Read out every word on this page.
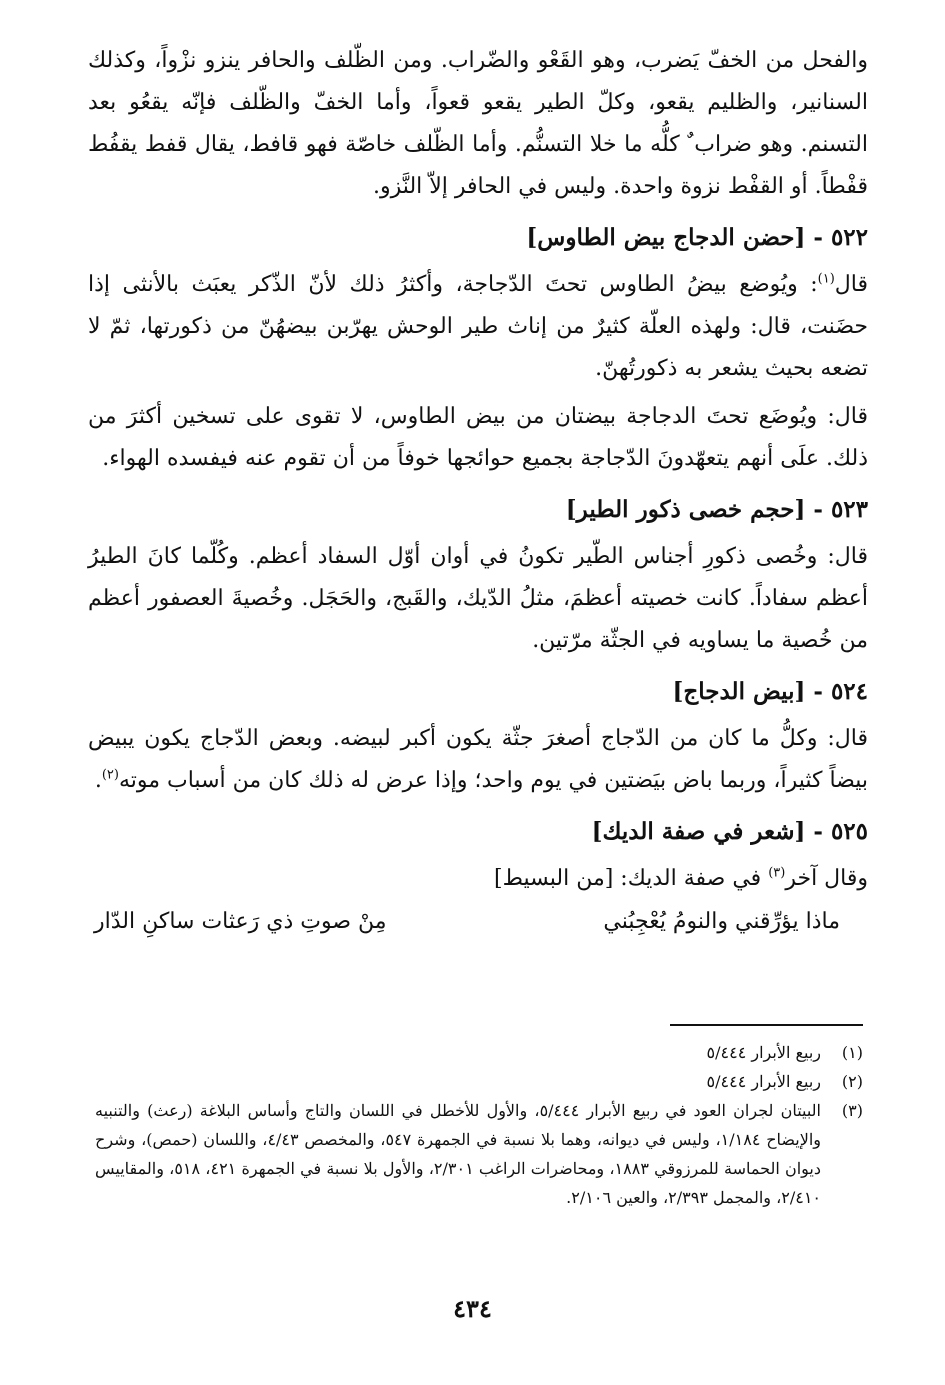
والفحل من الخفّ يَضرب، وهو القَعْو والضّراب. ومن الظّلف والحافر ينزو نزْواً، وكذلك السنانير، والظليم يقعو، وكلّ الطير يقعو قعواً، وأما الخفّ والظّلف فإنّه يقعُو بعد التسنم. وهو ضراب ٌ كلُّه ما خلا التسنُّم. وأما الظّلف خاصّة فهو قافط، يقال قفط يقفُط قفْطاً. أو القفْط نزوة واحدة. وليس في الحافر إلاّ النَّزو.

٥٢٢ - [حضن الدجاج بيض الطاوس]

قال$^{(١)}$: ويُوضع بيضُ الطاوس تحتَ الدّجاجة، وأكثرُ ذلك لأنّ الذّكر يعبَث بالأنثى إذا حضَنت، قال: ولهذه العلّة كثيرٌ من إناث طير الوحش يهرّبن بيضهُنّ من ذكورتها، ثمّ لا تضعه بحيث يشعر به ذكورتُهنّ.

قال: ويُوضَع تحتَ الدجاجة بيضتان من بيض الطاوس، لا تقوى على تسخين أكثرَ من ذلك. علَى أنهم يتعهّدونَ الدّجاجة بجميع حوائجها خوفاً من أن تقوم عنه فيفسده الهواء.

٥٢٣ - [حجم خصى ذكور الطير]

قال: وخُصى ذكورِ أجناس الطّير تكونُ في أوان أوّل السفاد أعظم. وكُلّما كانَ الطيرُ أعظم سفاداً. كانت خصيته أعظمَ، مثلُ الدّيك، والقَبج، والحَجَل. وخُصيةَ العصفور أعظم من خُصية ما يساويه في الجثّة مرّتين.

٥٢٤ - [بيض الدجاج]

قال: وكلُّ ما كان من الدّجاج أصغرَ جثّة يكون أكبر لبيضه. وبعض الدّجاج يكون يبيض بيضاً كثيراً، وربما باض بيَضتين في يوم واحد؛ وإذا عرض له ذلك كان من أسباب موته$^{(٢)}$.

٥٢٥ - [شعر في صفة الديك]

وقال آخر$^{(٣)}$ في صفة الديك: [من البسيط]

ماذا يؤرِّقني والنومُ يُعْجِبُني
مِنْ صوتِ ذي رَعثات ساكنِ الدّار
(١)
ربيع الأبرار ٥/٤٤٤
(٢)
ربيع الأبرار ٥/٤٤٤
(٣)
البيتان لجران العود في ربيع الأبرار ٥/٤٤٤، والأول للأخطل في اللسان والتاج وأساس البلاغة (رعث) والتنبيه والإيضاح ١/١٨٤، وليس في ديوانه، وهما بلا نسبة في الجمهرة ٥٤٧، والمخصص ٤/٤٣، واللسان (حمص)، وشرح ديوان الحماسة للمرزوقي ١٨٨٣، ومحاضرات الراغب ٢/٣٠١، والأول بلا نسبة في الجمهرة ٤٢١، ٥١٨، والمقاييس ٢/٤١٠، والمجمل ٢/٣٩٣، والعين ٢/١٠٦.
٤٣٤
